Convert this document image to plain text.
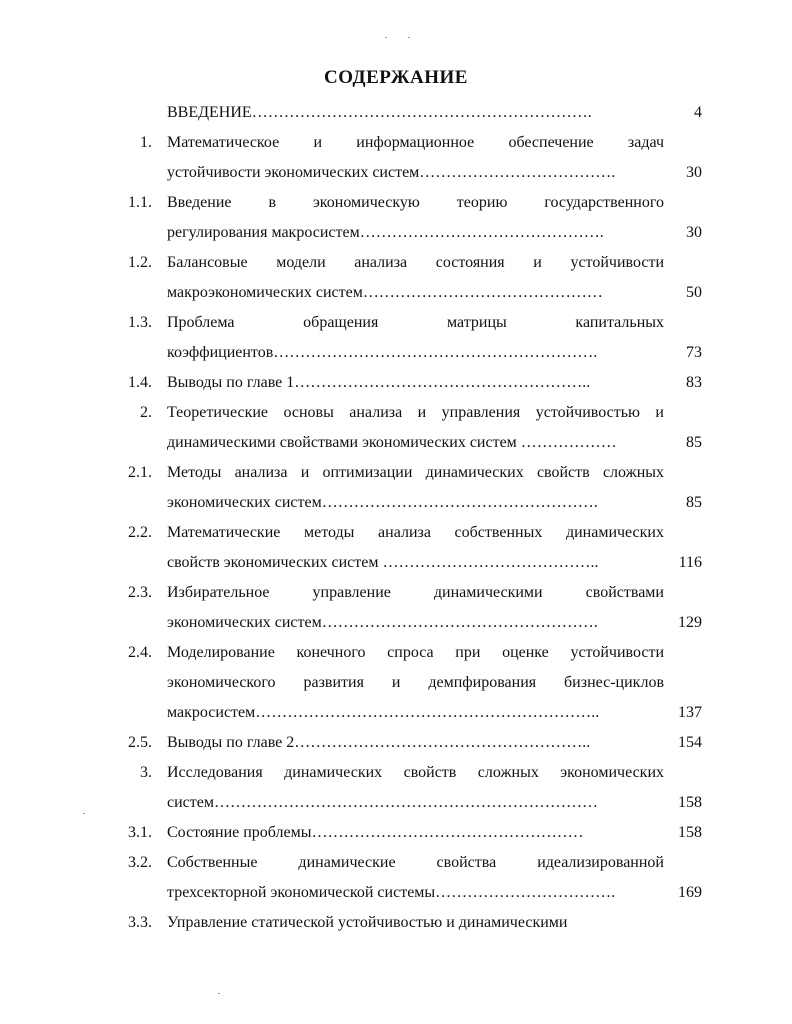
СОДЕРЖАНИЕ
ВВЕДЕНИЕ……………………………………………………….	4
1. Математическое и информационное обеспечение задач
устойчивости экономических систем……………………………….	30
1.1. Введение в экономическую теорию государственного
регулирования макросистем……………………………………….	30
1.2. Балансовые модели анализа состояния и устойчивости
макроэкономических систем………………………………………	50
1.3. Проблема обращения матрицы капитальных
коэффициентов…………………………………………………….	73
1.4. Выводы по главе 1………………………………………………..	83
2. Теоретические основы анализа и управления устойчивостью и
динамическими свойствами экономических систем ………………	85
2.1. Методы анализа и оптимизации динамических свойств сложных
экономических систем…………………………………………….	85
2.2. Математические методы анализа собственных динамических
свойств экономических систем …………………………………..	116
2.3. Избирательное управление динамическими свойствами
экономических систем…………………………………………….	129
2.4. Моделирование конечного спроса при оценке устойчивости
экономического развития и демпфирования бизнес-циклов
макросистем………………………………………………………..	137
2.5. Выводы по главе 2………………………………………………..	154
3. Исследования динамических свойств сложных экономических
систем………………………………………………………………	158
3.1. Состояние проблемы……………………………………………	158
3.2. Собственные динамические свойства идеализированной
трехсекторной экономической системы…………………………….	169
3.3. Управление статической устойчивостью и динамическими
